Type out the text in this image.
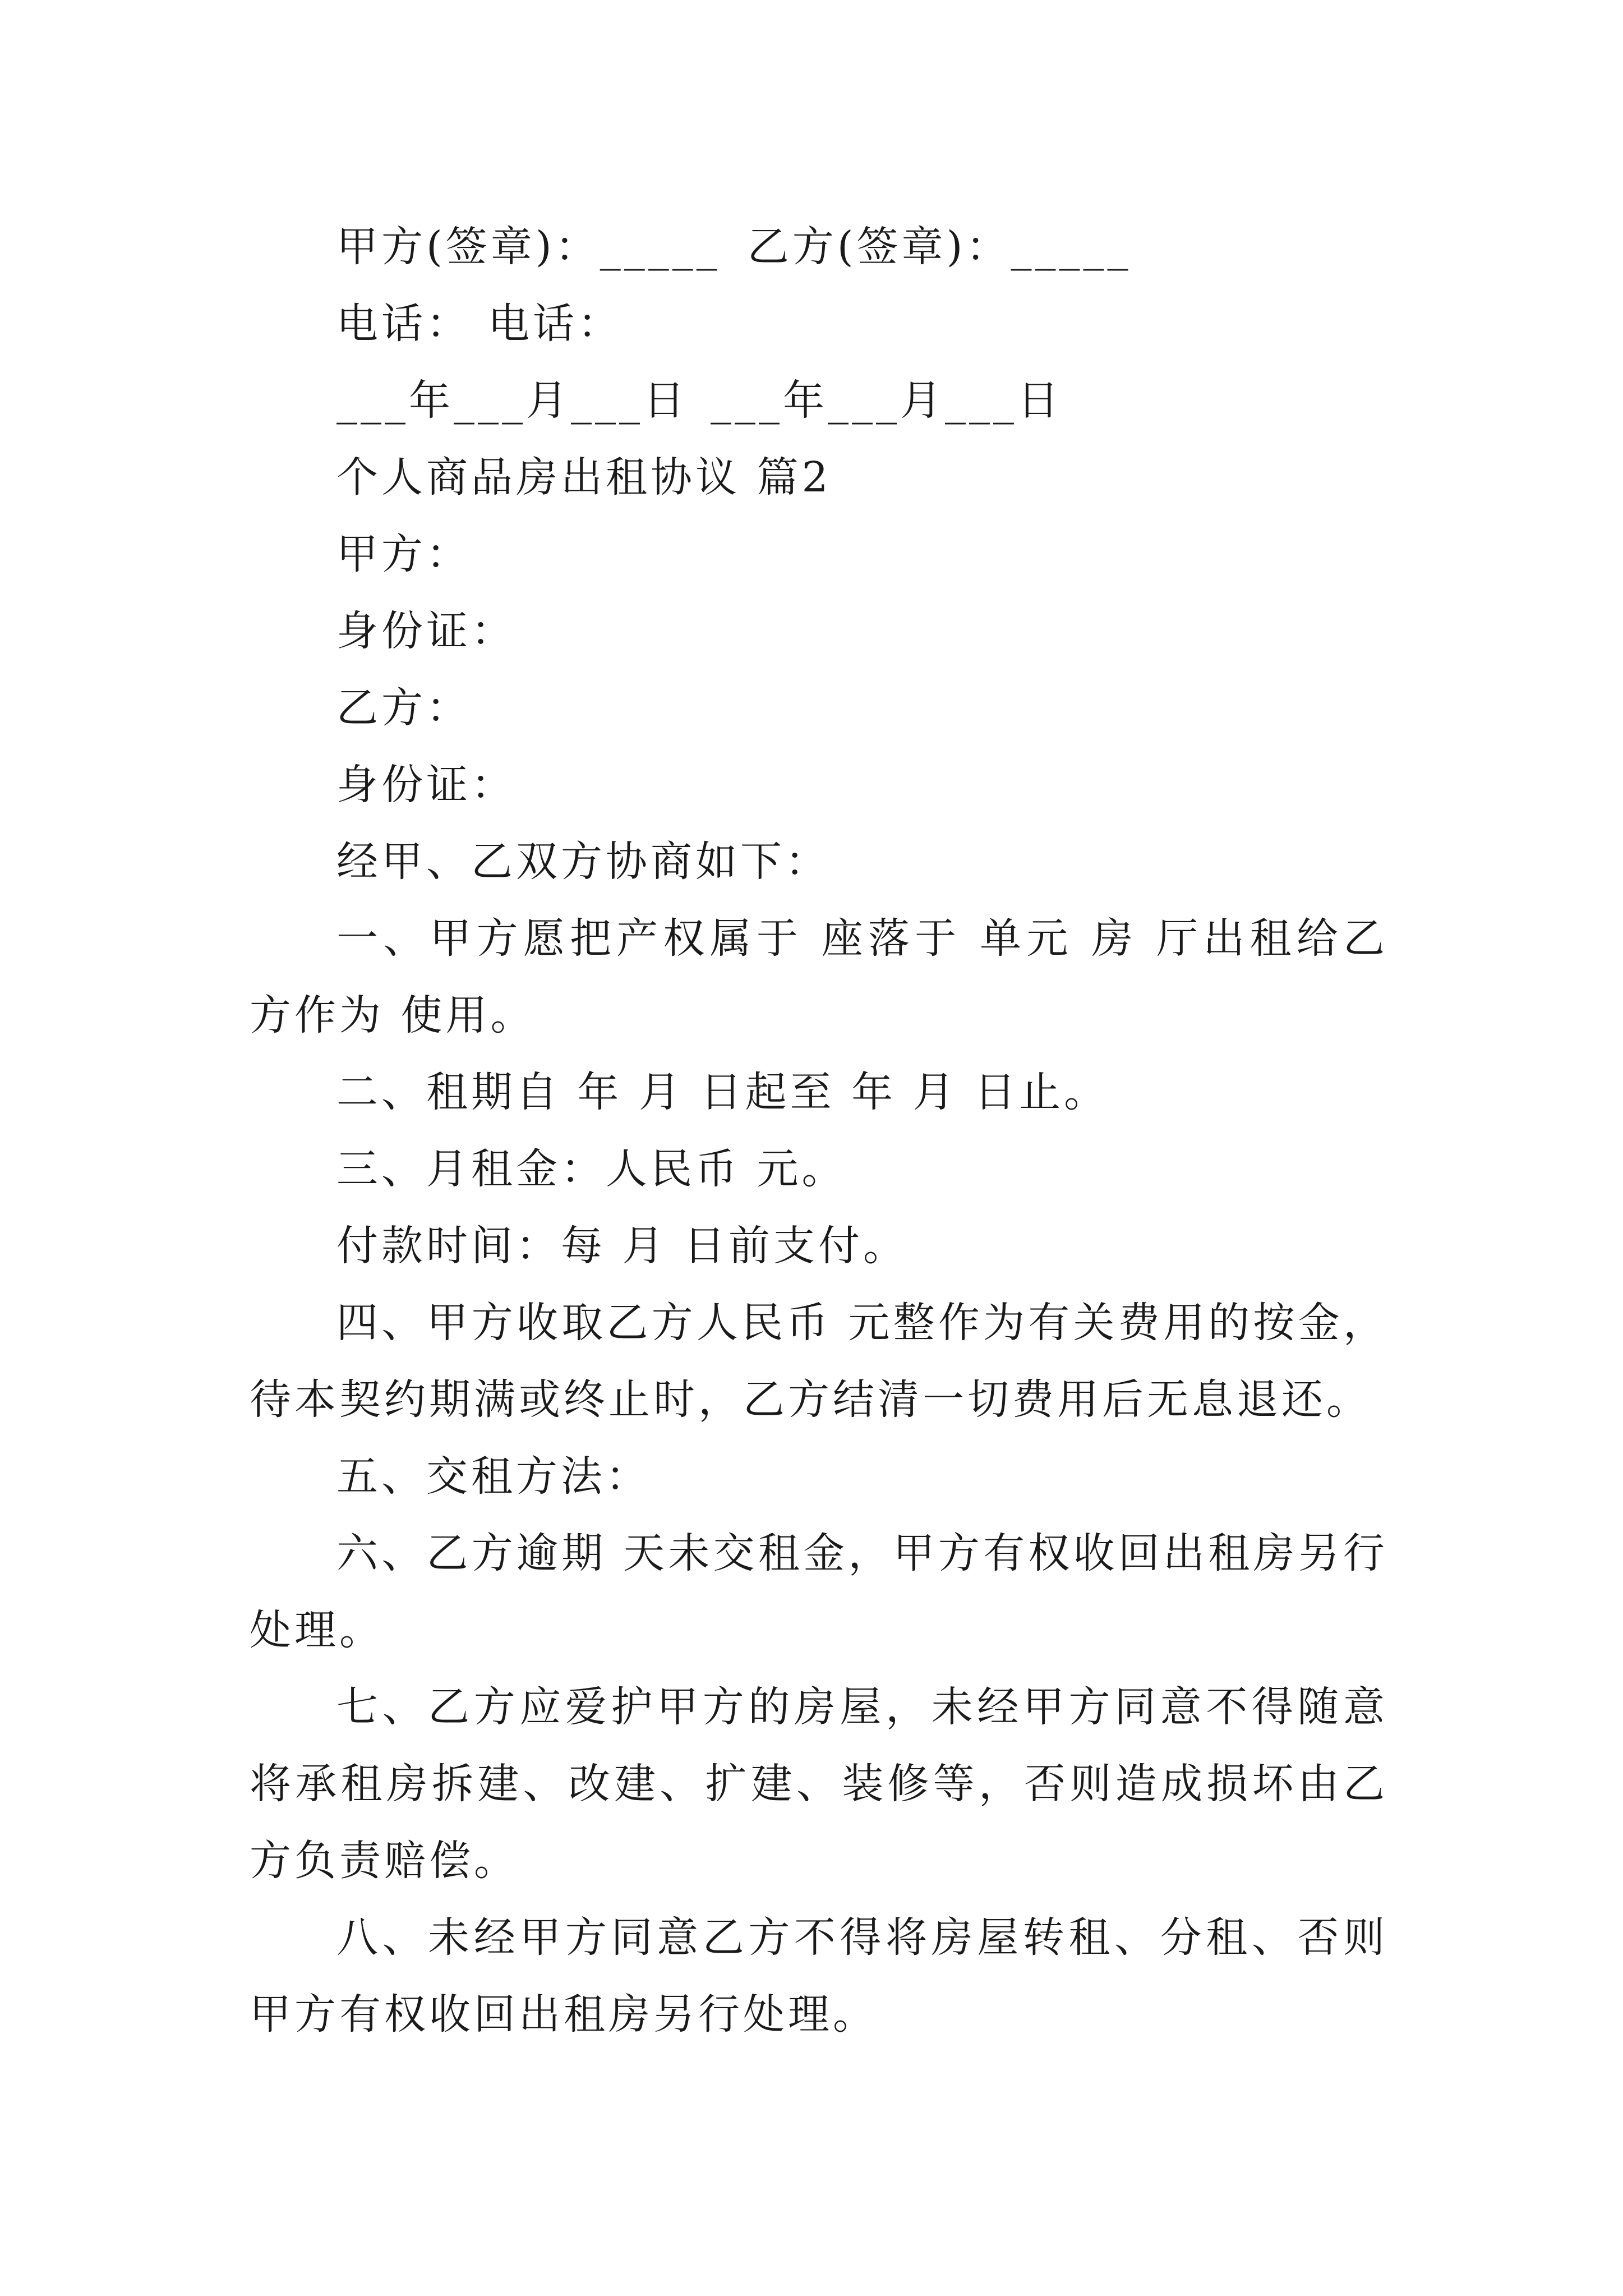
甲方(签章)：_____ 乙方(签章)：_____
电话： 电话：
___年___月___日 ___年___月___日
个人商品房出租协议 篇2
甲方：
身份证：
乙方：
身份证：
经甲、乙双方协商如下：

一、甲方愿把产权属于 座落于 单元 房 厅出租给乙方作为 使用。

二、租期自 年 月 日起至 年 月 日止。

三、月租金：人民币 元。

付款时间：每 月 日前支付。

四、甲方收取乙方人民币 元整作为有关费用的按金，待本契约期满或终止时，乙方结清一切费用后无息退还。

五、交租方法：

六、乙方逾期 天未交租金，甲方有权收回出租房另行处理。

七、乙方应爱护甲方的房屋，未经甲方同意不得随意将承租房拆建、改建、扩建、装修等，否则造成损坏由乙方负责赔偿。

八、未经甲方同意乙方不得将房屋转租、分租、否则甲方有权收回出租房另行处理。
